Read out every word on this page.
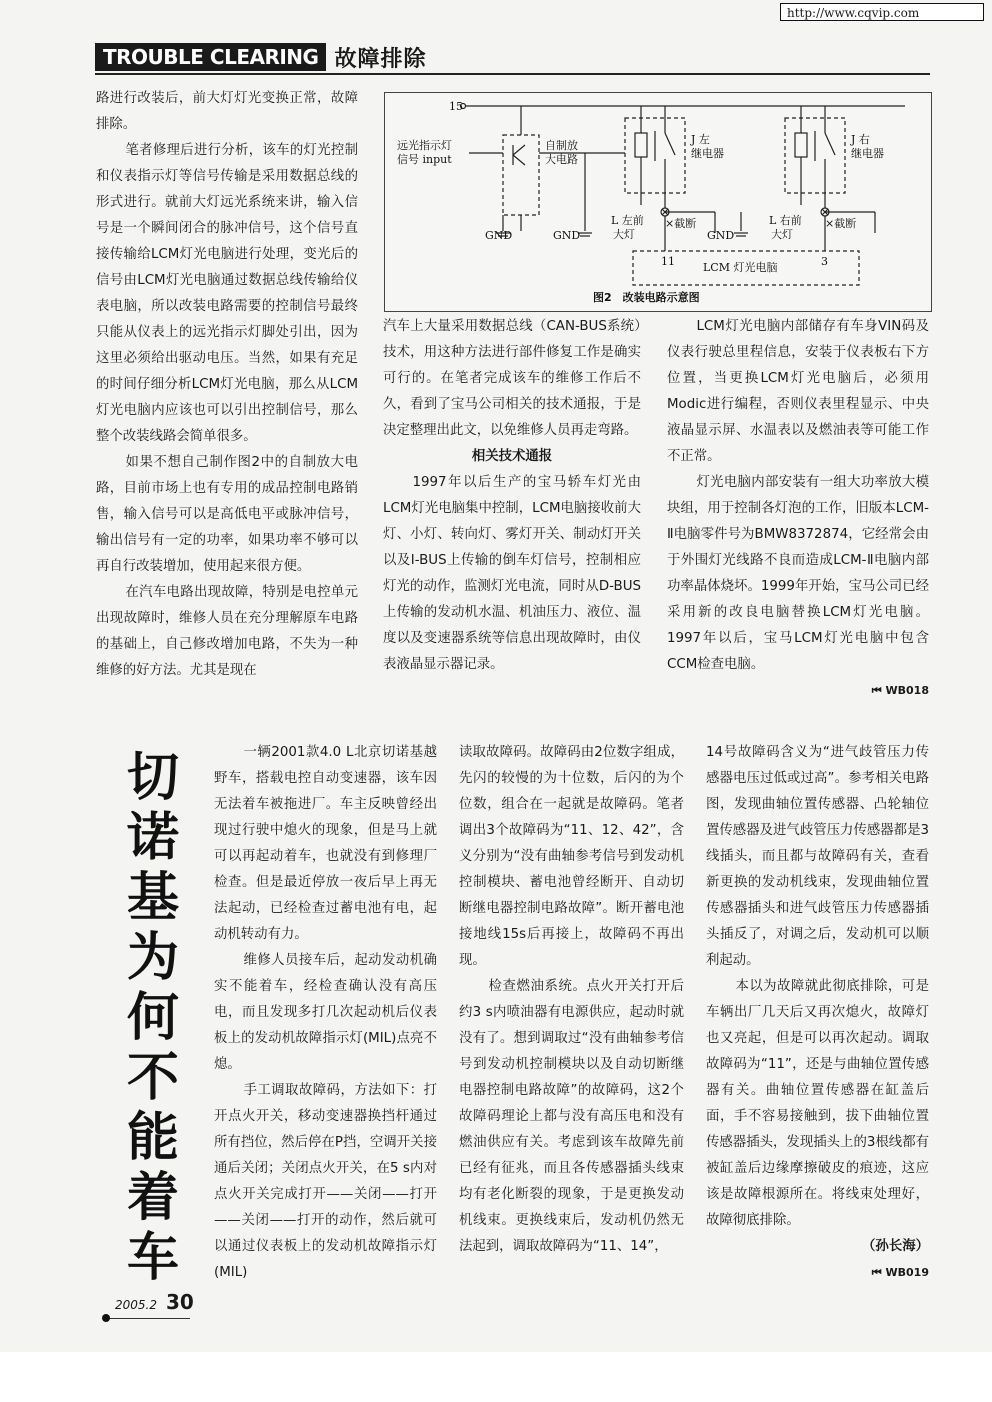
http://www.cqvip.com
TROUBLE CLEARING 故障排除

路进行改装后，前大灯灯光变换正常，故障排除。

笔者修理后进行分析，该车的灯光控制和仪表指示灯等信号传输是采用数据总线的形式进行。就前大灯远光系统来讲，输入信号是一个瞬间闭合的脉冲信号，这个信号直接传输给LCM灯光电脑进行处理，变光后的信号由LCM灯光电脑通过数据总线传输给仪表电脑，所以改装电路需要的控制信号最终只能从仪表上的远光指示灯脚处引出，因为这里必须给出驱动电压。当然，如果有充足的时间仔细分析LCM灯光电脑，那么从LCM灯光电脑内应该也可以引出控制信号，那么整个改装线路会简单很多。

如果不想自己制作图2中的自制放大电路，目前市场上也有专用的成品控制电路销售，输入信号可以是高低电平或脉冲信号，输出信号有一定的功率，如果功率不够可以再自行改装增加，使用起来很方便。

在汽车电路出现故障，特别是电控单元出现故障时，维修人员在充分理解原车电路的基础上，自己修改增加电路，不失为一种维修的好方法。尤其是现在

15
远光指示灯
信号 input
自制放
大电路
J 左
继电器
J 右
继电器
L 左前
大灯
L 右前
大灯
×截断	×截断
GND	GND	GND
11	3
LCM 灯光电脑
图2　改装电路示意图

汽车上大量采用数据总线（CAN-BUS系统）技术，用这种方法进行部件修复工作是确实可行的。在笔者完成该车的维修工作后不久，看到了宝马公司相关的技术通报，于是决定整理出此文，以免维修人员再走弯路。

相关技术通报

1997年以后生产的宝马轿车灯光由LCM灯光电脑集中控制，LCM电脑接收前大灯、小灯、转向灯、雾灯开关、制动灯开关以及I-BUS上传输的倒车灯信号，控制相应灯光的动作，监测灯光电流，同时从D-BUS上传输的发动机水温、机油压力、液位、温度以及变速器系统等信息出现故障时，由仪表液晶显示器记录。

LCM灯光电脑内部储存有车身VIN码及仪表行驶总里程信息，安装于仪表板右下方位置，当更换LCM灯光电脑后，必须用Modic进行编程，否则仪表里程显示、中央液晶显示屏、水温表以及燃油表等可能工作不正常。

灯光电脑内部安装有一组大功率放大模块组，用于控制各灯泡的工作，旧版本LCM-Ⅱ电脑零件号为BMW8372874，它经常会由于外围灯光线路不良而造成LCM-Ⅱ电脑内部功率晶体烧坏。1999年开始，宝马公司已经采用新的改良电脑替换LCM灯光电脑。1997年以后，宝马LCM灯光电脑中包含CCM检查电脑。

⏮ WB018

切诺基为何不能着车

一辆2001款4.0 L北京切诺基越野车，搭载电控自动变速器，该车因无法着车被拖进厂。车主反映曾经出现过行驶中熄火的现象，但是马上就可以再起动着车，也就没有到修理厂检查。但是最近停放一夜后早上再无法起动，已经检查过蓄电池有电，起动机转动有力。

维修人员接车后，起动发动机确实不能着车，经检查确认没有高压电，而且发现多打几次起动机后仪表板上的发动机故障指示灯(MIL)点亮不熄。

手工调取故障码，方法如下：打开点火开关，移动变速器换挡杆通过所有挡位，然后停在P挡，空调开关接通后关闭；关闭点火开关，在5 s内对点火开关完成打开——关闭——打开——关闭——打开的动作，然后就可以通过仪表板上的发动机故障指示灯(MIL)

读取故障码。故障码由2位数字组成，先闪的较慢的为十位数，后闪的为个位数，组合在一起就是故障码。笔者调出3个故障码为“11、12、42”，含义分别为“没有曲轴参考信号到发动机控制模块、蓄电池曾经断开、自动切断继电器控制电路故障”。断开蓄电池接地线15s后再接上，故障码不再出现。

检查燃油系统。点火开关打开后约3 s内喷油器有电源供应，起动时就没有了。想到调取过“没有曲轴参考信号到发动机控制模块以及自动切断继电器控制电路故障”的故障码，这2个故障码理论上都与没有高压电和没有燃油供应有关。考虑到该车故障先前已经有征兆，而且各传感器插头线束均有老化断裂的现象，于是更换发动机线束。更换线束后，发动机仍然无法起到，调取故障码为“11、14”，

14号故障码含义为“进气歧管压力传感器电压过低或过高”。参考相关电路图，发现曲轴位置传感器、凸轮轴位置传感器及进气歧管压力传感器都是3线插头，而且都与故障码有关，查看新更换的发动机线束，发现曲轴位置传感器插头和进气歧管压力传感器插头插反了，对调之后，发动机可以顺利起动。

本以为故障就此彻底排除，可是车辆出厂几天后又再次熄火，故障灯也又亮起，但是可以再次起动。调取故障码为“11”，还是与曲轴位置传感器有关。曲轴位置传感器在缸盖后面，手不容易接触到，拔下曲轴位置传感器插头，发现插头上的3根线都有被缸盖后边缘摩擦破皮的痕迹，这应该是故障根源所在。将线束处理好，故障彻底排除。

（孙长海）

⏮ WB019

2005.2 30
